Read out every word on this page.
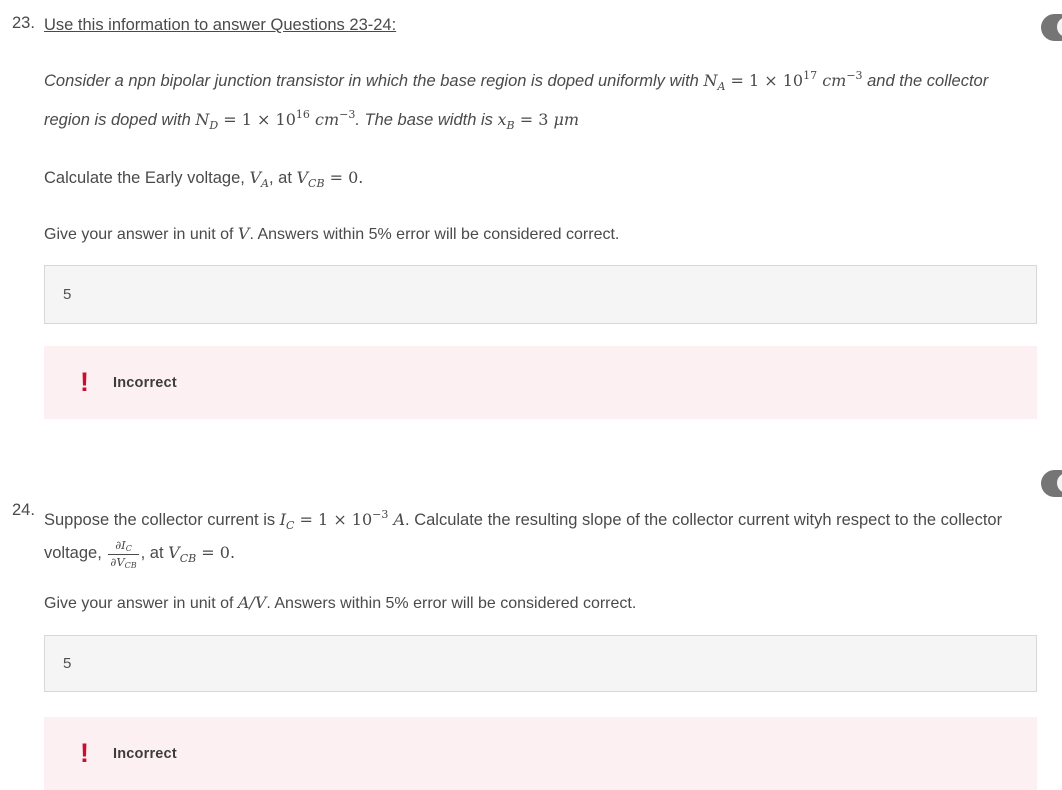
23. Use this information to answer Questions 23-24:
Consider a npn bipolar junction transistor in which the base region is doped uniformly with $N_A = 1 \times 10^{17}$ $cm^{-3}$ and the collector region is doped with $N_D = 1 \times 10^{16}$ $cm^{-3}$. The base width is $x_B = 3$ μm
Calculate the Early voltage, $V_A$, at $V_{CB} = 0$.
Give your answer in unit of V. Answers within 5% error will be considered correct.
5
! Incorrect
24.
Suppose the collector current is $I_C = 1 \times 10^{-3}$ A. Calculate the resulting slope of the collector current wityh respect to the collector voltage, $\frac{\partial IC}{\text{∂VCB}}$ , at $V_{CB} = 0$.
Give your answer in unit of A/V. Answers within 5% error will be considered correct.
5
! Incorrect
